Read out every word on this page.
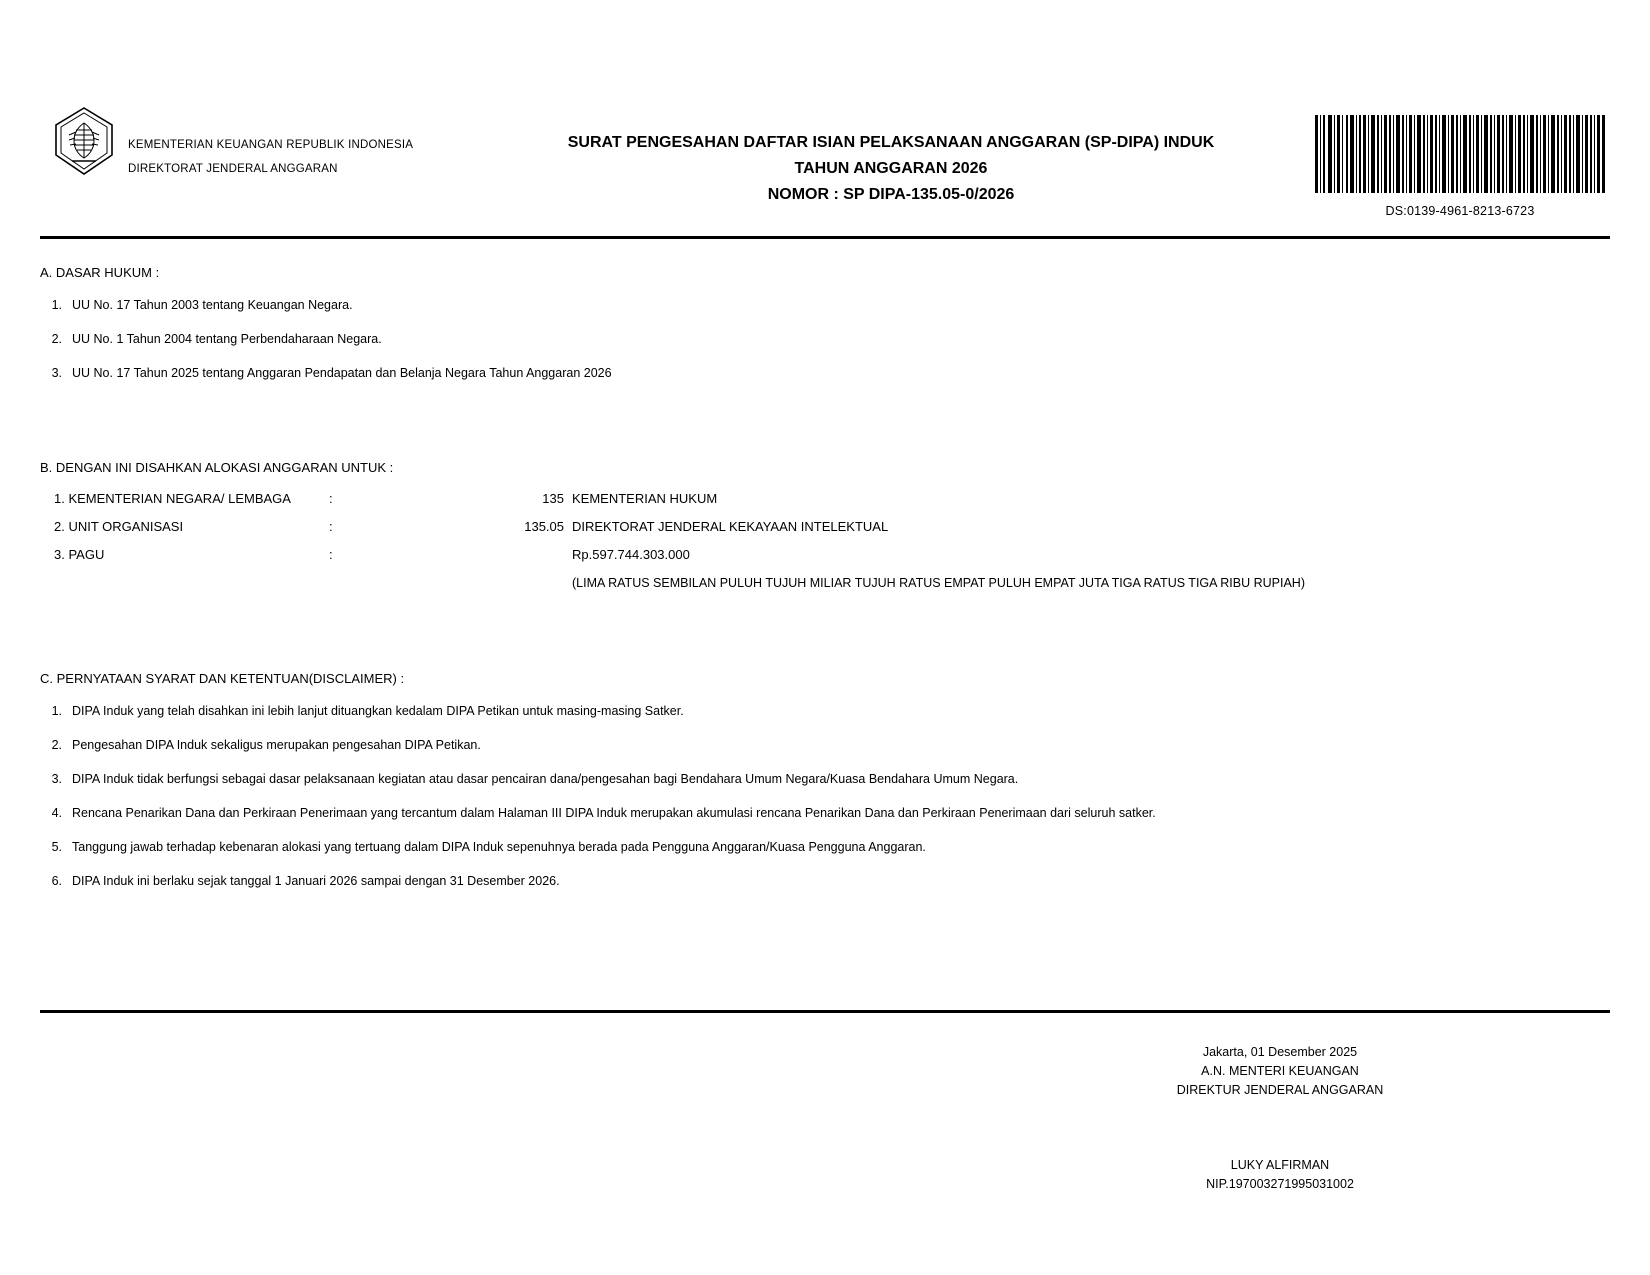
KEMENTERIAN KEUANGAN REPUBLIK INDONESIA
DIREKTORAT JENDERAL ANGGARAN
SURAT PENGESAHAN DAFTAR ISIAN PELAKSANAAN ANGGARAN (SP-DIPA) INDUK
TAHUN ANGGARAN 2026
NOMOR : SP DIPA-135.05-0/2026
DS:0139-4961-8213-6723
A. DASAR HUKUM :
1. UU No. 17 Tahun 2003 tentang Keuangan Negara.
2. UU No. 1 Tahun 2004 tentang Perbendaharaan Negara.
3. UU No. 17 Tahun 2025 tentang Anggaran Pendapatan dan Belanja Negara Tahun Anggaran 2026
B. DENGAN INI DISAHKAN ALOKASI ANGGARAN UNTUK :
1. KEMENTERIAN NEGARA/ LEMBAGA	:	135	KEMENTERIAN HUKUM
2. UNIT ORGANISASI	:	135.05	DIREKTORAT JENDERAL KEKAYAAN INTELEKTUAL
3. PAGU	:		Rp.597.744.303.000
			(LIMA RATUS SEMBILAN PULUH TUJUH MILIAR TUJUH RATUS EMPAT PULUH EMPAT JUTA TIGA RATUS TIGA RIBU RUPIAH)
C. PERNYATAAN SYARAT DAN KETENTUAN(DISCLAIMER) :
1. DIPA Induk yang telah disahkan ini lebih lanjut dituangkan kedalam DIPA Petikan untuk masing-masing Satker.
2. Pengesahan DIPA Induk sekaligus merupakan pengesahan DIPA Petikan.
3. DIPA Induk tidak berfungsi sebagai dasar pelaksanaan kegiatan atau dasar pencairan dana/pengesahan bagi Bendahara Umum Negara/Kuasa Bendahara Umum Negara.
4. Rencana Penarikan Dana dan Perkiraan Penerimaan yang tercantum dalam Halaman III DIPA Induk merupakan akumulasi rencana Penarikan Dana dan Perkiraan Penerimaan dari seluruh satker.
5. Tanggung jawab terhadap kebenaran alokasi yang tertuang dalam DIPA Induk sepenuhnya berada pada Pengguna Anggaran/Kuasa Pengguna Anggaran.
6. DIPA Induk ini berlaku sejak tanggal 1 Januari 2026 sampai dengan 31 Desember 2026.
Jakarta, 01 Desember 2025
A.N. MENTERI KEUANGAN
DIREKTUR JENDERAL ANGGARAN
LUKY ALFIRMAN
NIP.197003271995031002
